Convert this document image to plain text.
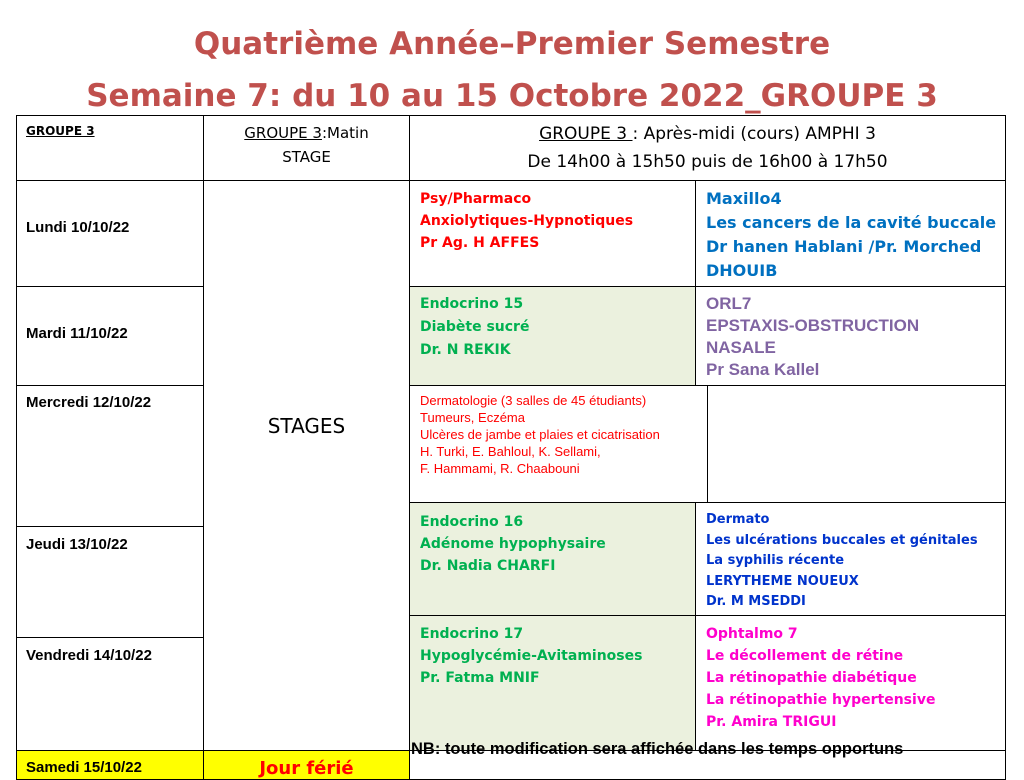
Quatrième Année–Premier Semestre
Semaine 7: du 10 au 15 Octobre 2022_GROUPE 3
GROUPE 3	GROUPE 3:Matin
STAGE
GROUPE 3 : Après-midi (cours) AMPHI 3
De 14h00 à 15h50 puis de 16h00 à 17h50
Lundi 10/10/22
Mardi 11/10/22
Mercredi 12/10/22
Jeudi 13/10/22
Vendredi 14/10/22
Samedi 15/10/22
STAGES
Jour férié
Psy/Pharmaco
Anxiolytiques-Hypnotiques
Pr Ag. H AFFES
Maxillo4
Les cancers de la cavité buccale
Dr hanen Hablani /Pr. Morched
DHOUIB
Endocrino 15
Diabète sucré
Dr. N REKIK
ORL7
EPSTAXIS-OBSTRUCTION
NASALE
Pr Sana Kallel
Dermatologie (3 salles de 45 étudiants)
Tumeurs, Eczéma
Ulcères de jambe et plaies et cicatrisation
H. Turki, E. Bahloul, K. Sellami,
F. Hammami, R. Chaabouni
Endocrino 16
Adénome hypophysaire
Dr. Nadia CHARFI
Dermato
Les ulcérations buccales et génitales
La syphilis récente
LERYTHEME NOUEUX
Dr. M MSEDDI
Endocrino 17
Hypoglycémie-Avitaminoses
Pr. Fatma MNIF
Ophtalmo 7
Le décollement de rétine
La rétinopathie diabétique
La rétinopathie hypertensive
Pr. Amira TRIGUI
NB: toute modification sera affichée dans les temps opportuns
